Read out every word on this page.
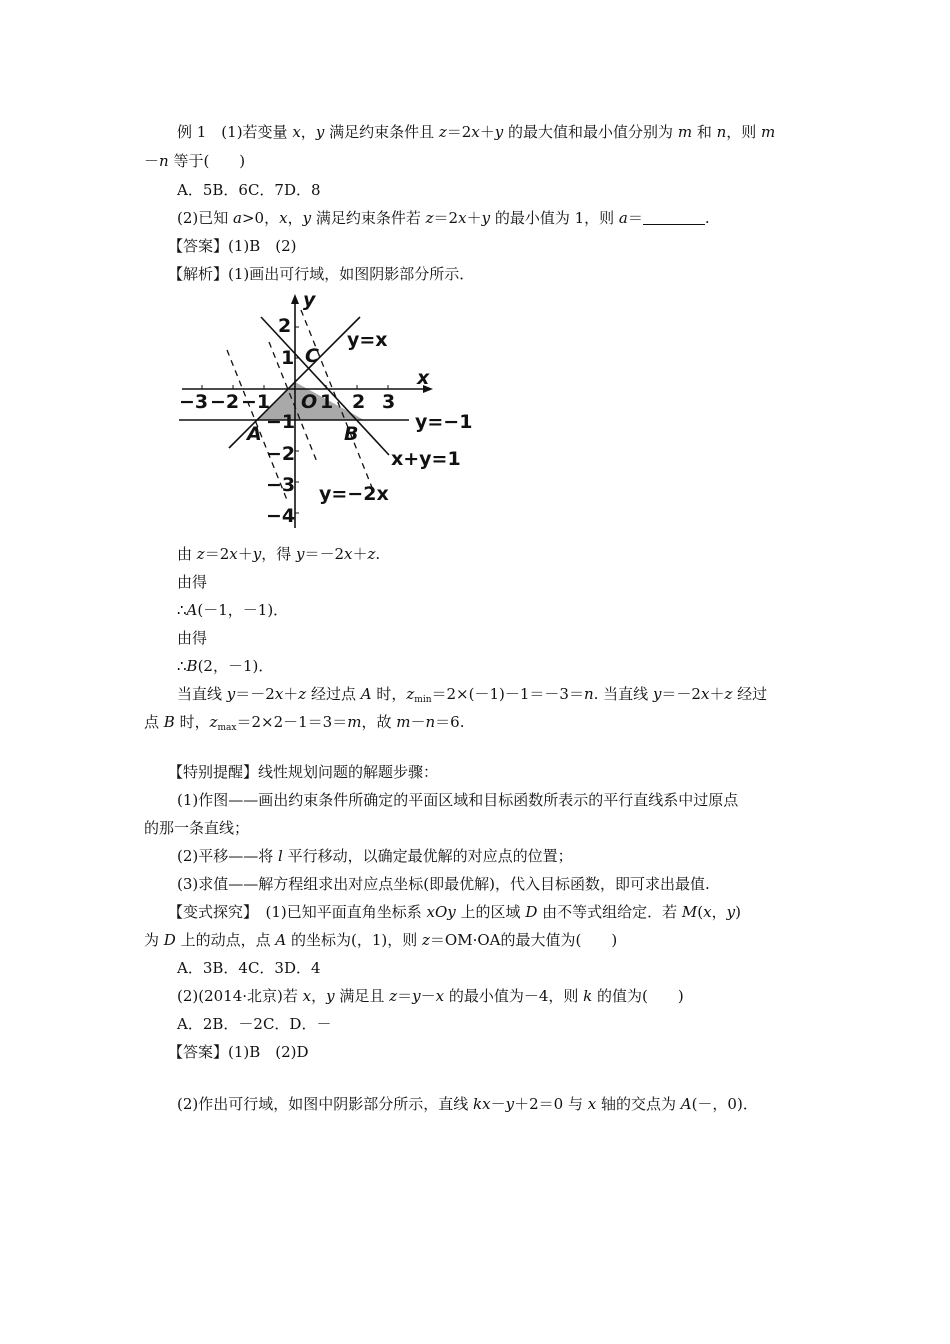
例 1　(1)若变量 x，y 满足约束条件且 z＝2x＋y 的最大值和最小值分别为 m 和 n，则 m
－n 等于(　　)
A．5B．6C．7D．8
(2)已知 a>0，x，y 满足约束条件若 z＝2x＋y 的最小值为 1，则 a＝	.
【答案】(1)B　(2)
【解析】(1)画出可行域，如图阴影部分所示．
x
y
−3 −2 −1	1 2 3
2
1
−1
−2
−3
−4
O
A	B
C
y=x
y=−1
x+y=1
y=−2x
由 z＝2x＋y，得 y＝－2x＋z.
由得
∴A(－1，－1)．
由得
∴B(2，－1)．
当直线 y＝－2x＋z 经过点 A 时，$z_{min}=2\times(-1)-1=-3=n$. 当直线 y＝－2x＋z 经过
点 B 时，$z_{max}=2\times 2-1=3=m$，故 m－n＝6.
【特别提醒】线性规划问题的解题步骤：
(1)作图——画出约束条件所确定的平面区域和目标函数所表示的平行直线系中过原点
的那一条直线；
(2)平移——将 l 平行移动，以确定最优解的对应点的位置；
(3)求值——解方程组求出对应点坐标(即最优解)，代入目标函数，即可求出最值.
【变式探究】　(1)已知平面直角坐标系 xOy 上的区域 D 由不等式组给定．若 M(x，y)
为 D 上的动点，点 A 的坐标为(，1)，则 z＝OM·OA的最大值为(　　)
A．3B．4C．3D．4
(2)(2014·北京)若 x，y 满足且 z＝y－x 的最小值为－4，则 k 的值为(　　)
A．2B．－2C．D．－
【答案】(1)B　(2)D
(2)作出可行域，如图中阴影部分所示，直线 kx－y＋2＝0 与 x 轴的交点为 A(－，0)．
